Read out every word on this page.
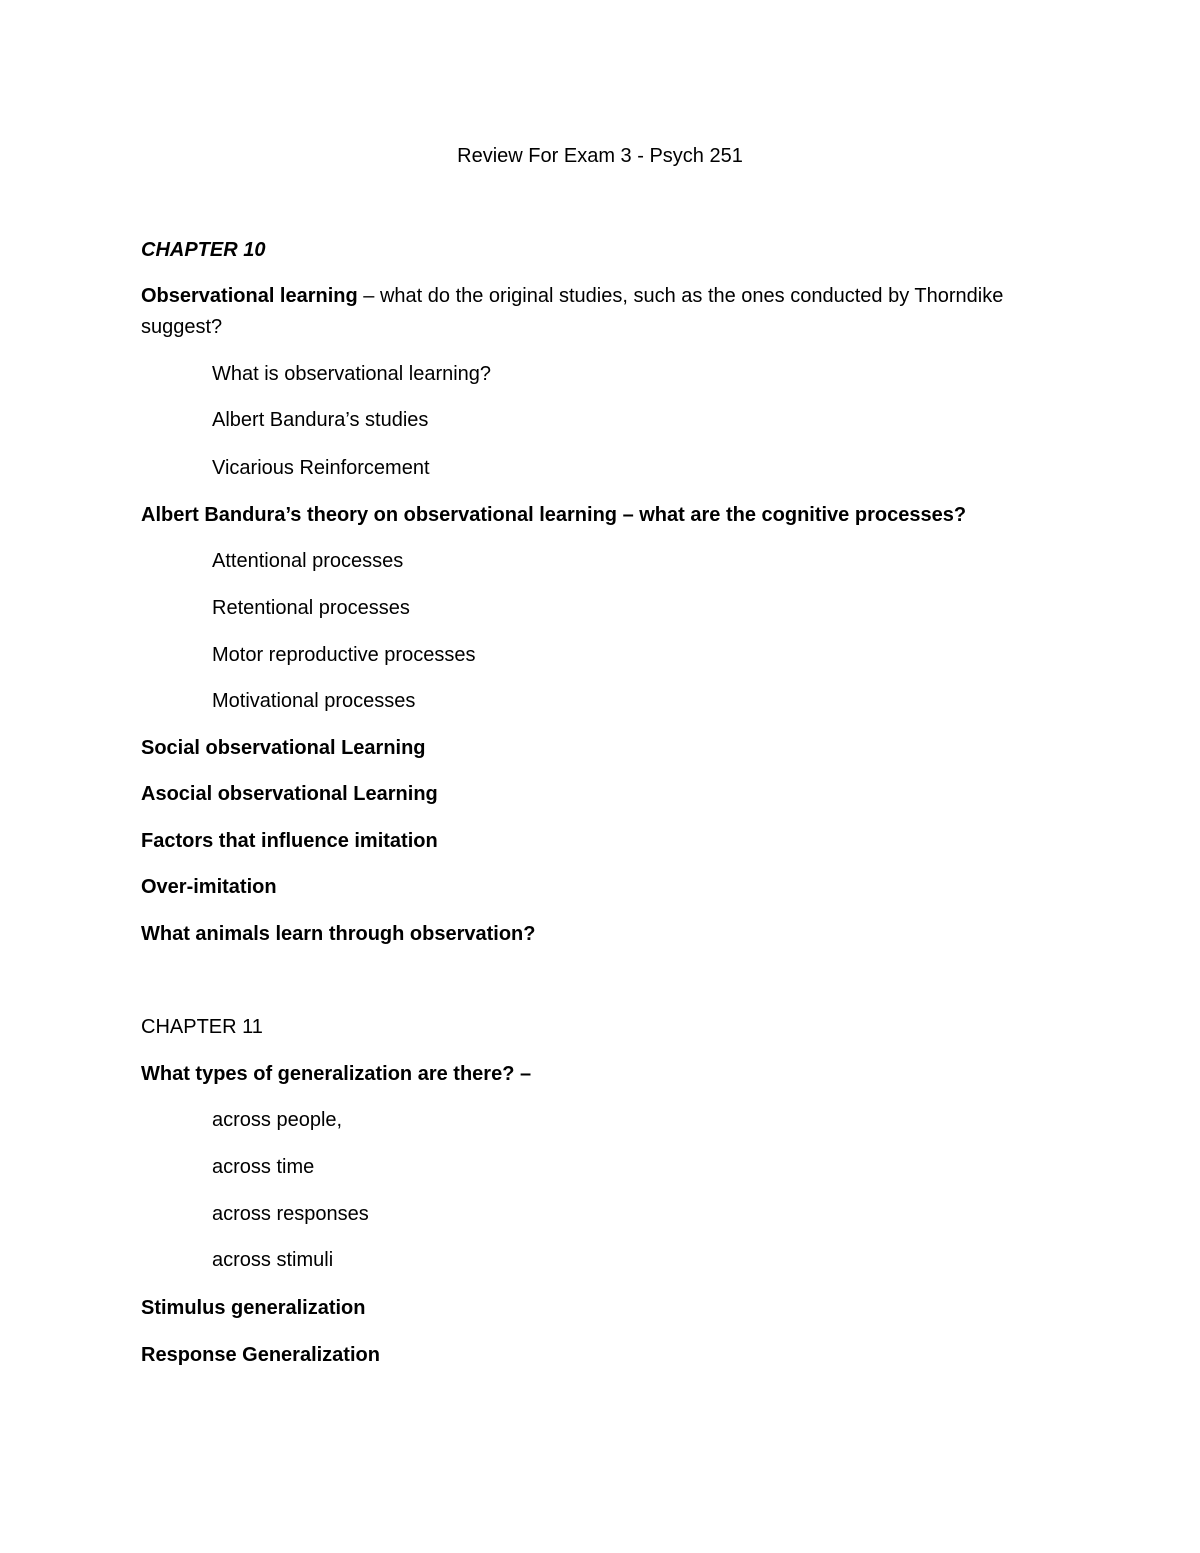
Review For Exam 3 - Psych 251
CHAPTER 10
Observational learning – what do the original studies, such as the ones conducted by Thorndike
suggest?
What is observational learning?
Albert Bandura’s studies
Vicarious Reinforcement
Albert Bandura’s theory on observational learning – what are the cognitive processes?
Attentional processes
Retentional processes
Motor reproductive processes
Motivational processes
Social observational Learning
Asocial observational Learning
Factors that influence imitation
Over-imitation
What animals learn through observation?
CHAPTER 11
What types of generalization are there? –
across people,
across time
across responses
across stimuli
Stimulus generalization
Response Generalization
